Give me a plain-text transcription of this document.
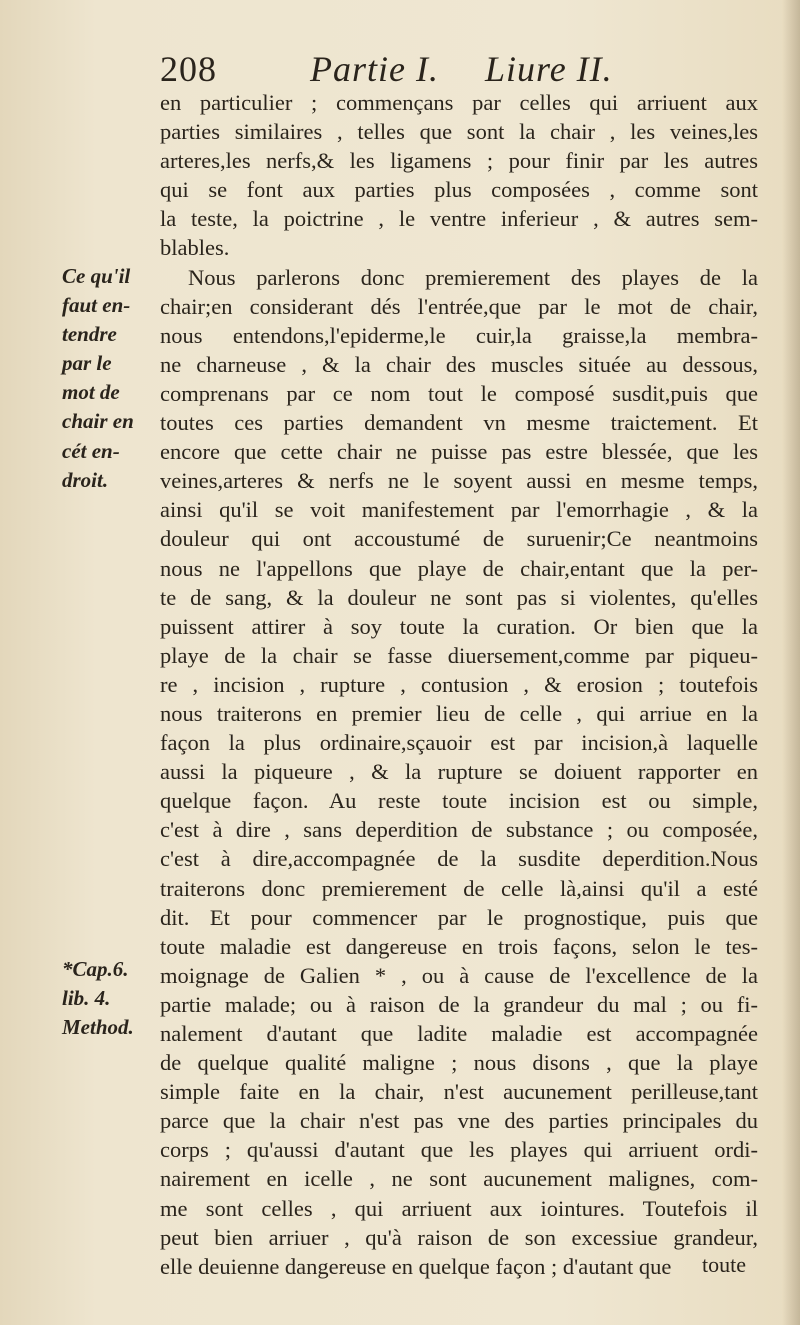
208	Partie I. Liure II.
Ce qu'il
faut en-
tendre
par le
mot de
chair en
cét en-
droit.
*Cap.6.
lib. 4.
Method.
en particulier ; commençans par celles qui arriuent aux
parties similaires , telles que sont la chair , les veines,les
arteres,les nerfs,& les ligamens ; pour finir par les autres
qui se font aux parties plus composées , comme sont
la teste, la poictrine , le ventre inferieur , & autres sem-
blables.
Nous parlerons donc premierement des playes de la
chair;en considerant dés l'entrée,que par le mot de chair,
nous entendons,l'epiderme,le cuir,la graisse,la membra-
ne charneuse , & la chair des muscles située au dessous,
comprenans par ce nom tout le composé susdit,puis que
toutes ces parties demandent vn mesme traictement. Et
encore que cette chair ne puisse pas estre blessée, que les
veines,arteres & nerfs ne le soyent aussi en mesme temps,
ainsi qu'il se voit manifestement par l'emorrhagie , & la
douleur qui ont accoustumé de suruenir;Ce neantmoins
nous ne l'appellons que playe de chair,entant que la per-
te de sang, & la douleur ne sont pas si violentes, qu'elles
puissent attirer à soy toute la curation. Or bien que la
playe de la chair se fasse diuersement,comme par piqueu-
re , incision , rupture , contusion , & erosion ; toutefois
nous traiterons en premier lieu de celle , qui arriue en la
façon la plus ordinaire,sçauoir est par incision,à laquelle
aussi la piqueure , & la rupture se doiuent rapporter en
quelque façon. Au reste toute incision est ou simple,
c'est à dire , sans deperdition de substance ; ou composée,
c'est à dire,accompagnée de la susdite deperdition.Nous
traiterons donc premierement de celle là,ainsi qu'il a esté
dit. Et pour commencer par le prognostique, puis que
toute maladie est dangereuse en trois façons, selon le tes-
moignage de Galien * , ou à cause de l'excellence de la
partie malade; ou à raison de la grandeur du mal ; ou fi-
nalement d'autant que ladite maladie est accompagnée
de quelque qualité maligne ; nous disons , que la playe
simple faite en la chair, n'est aucunement perilleuse,tant
parce que la chair n'est pas vne des parties principales du
corps ; qu'aussi d'autant que les playes qui arriuent ordi-
nairement en icelle , ne sont aucunement malignes, com-
me sont celles , qui arriuent aux iointures. Toutefois il
peut bien arriuer , qu'à raison de son excessiue grandeur,
elle deuienne dangereuse en quelque façon ; d'autant que	toute
